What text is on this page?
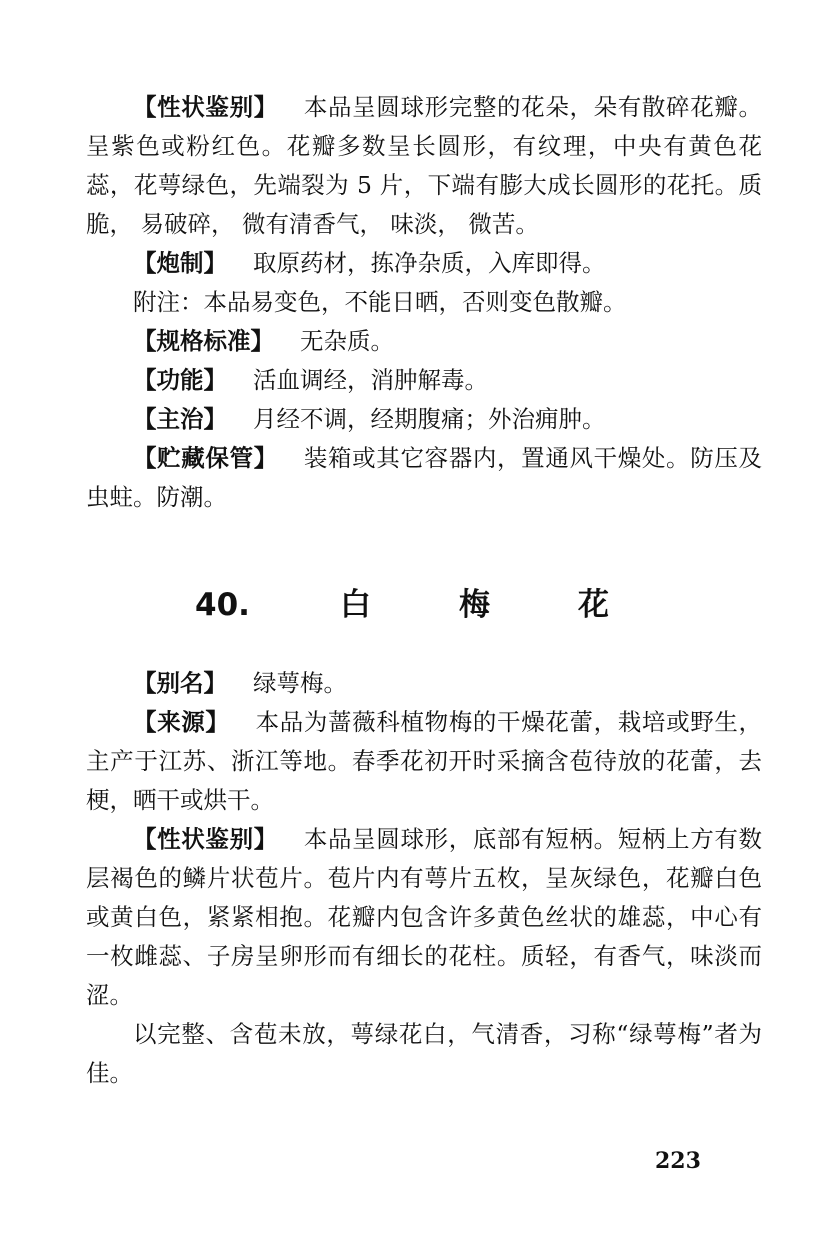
【性状鉴别】 本品呈圆球形完整的花朵，朵有散碎花瓣。呈紫色或粉红色。花瓣多数呈长圆形，有纹理，中央有黄色花蕊，花萼绿色，先端裂为 5 片，下端有膨大成长圆形的花托。质脆， 易破碎， 微有清香气， 味淡， 微苦。

【炮制】 取原药材，拣净杂质，入库即得。

附注：本品易变色，不能日晒，否则变色散瓣。

【规格标准】 无杂质。

【功能】 活血调经，消肿解毒。

【主治】 月经不调，经期腹痛；外治痈肿。

【贮藏保管】 装箱或其它容器内，置通风干燥处。防压及虫蛀。防潮。

40.	白	梅	花

【别名】 绿萼梅。

【来源】 本品为蔷薇科植物梅的干燥花蕾，栽培或野生，主产于江苏、浙江等地。春季花初开时采摘含苞待放的花蕾，去梗，晒干或烘干。

【性状鉴别】 本品呈圆球形，底部有短柄。短柄上方有数层褐色的鳞片状苞片。苞片内有萼片五枚，呈灰绿色，花瓣白色或黄白色，紧紧相抱。花瓣内包含许多黄色丝状的雄蕊，中心有一枚雌蕊、子房呈卵形而有细长的花柱。质轻，有香气，味淡而涩。

以完整、含苞未放，萼绿花白，气清香，习称“绿萼梅”者为佳。

223
